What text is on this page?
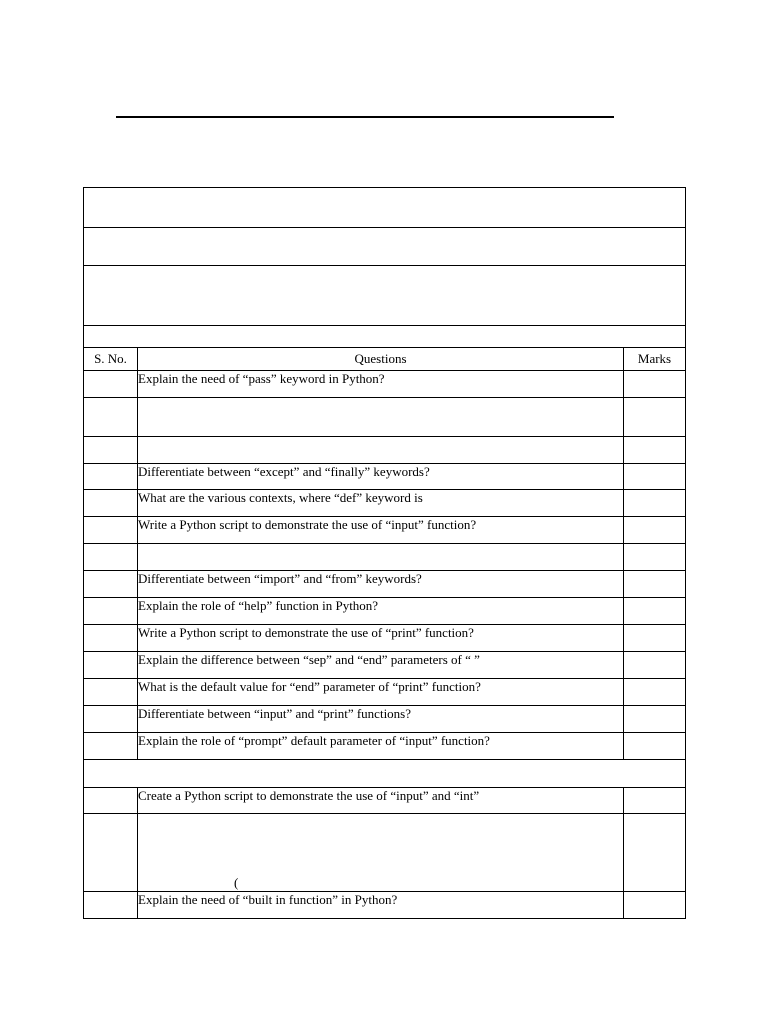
S. No.	Questions	Marks
	Explain the need of “pass” keyword in Python?	

	Differentiate between “except” and “finally” keywords?	
	What are the various contexts, where “def” keyword is	
	Write a Python script to demonstrate the use of “input” function?	

	Differentiate between “import” and “from” keywords?	
	Explain the role of “help” function in Python?	
	Write a Python script to demonstrate the use of “print” function?	
	Explain the difference between “sep” and “end” parameters of “ ”	
	What is the default value for “end” parameter of “print” function?	
	Differentiate between “input” and “print” functions?	
	Explain the role of “prompt” default parameter of “input” function?	

	Create a Python script to demonstrate the use of “input” and “int”	

	(	

	Explain the need of “built in function” in Python?	
